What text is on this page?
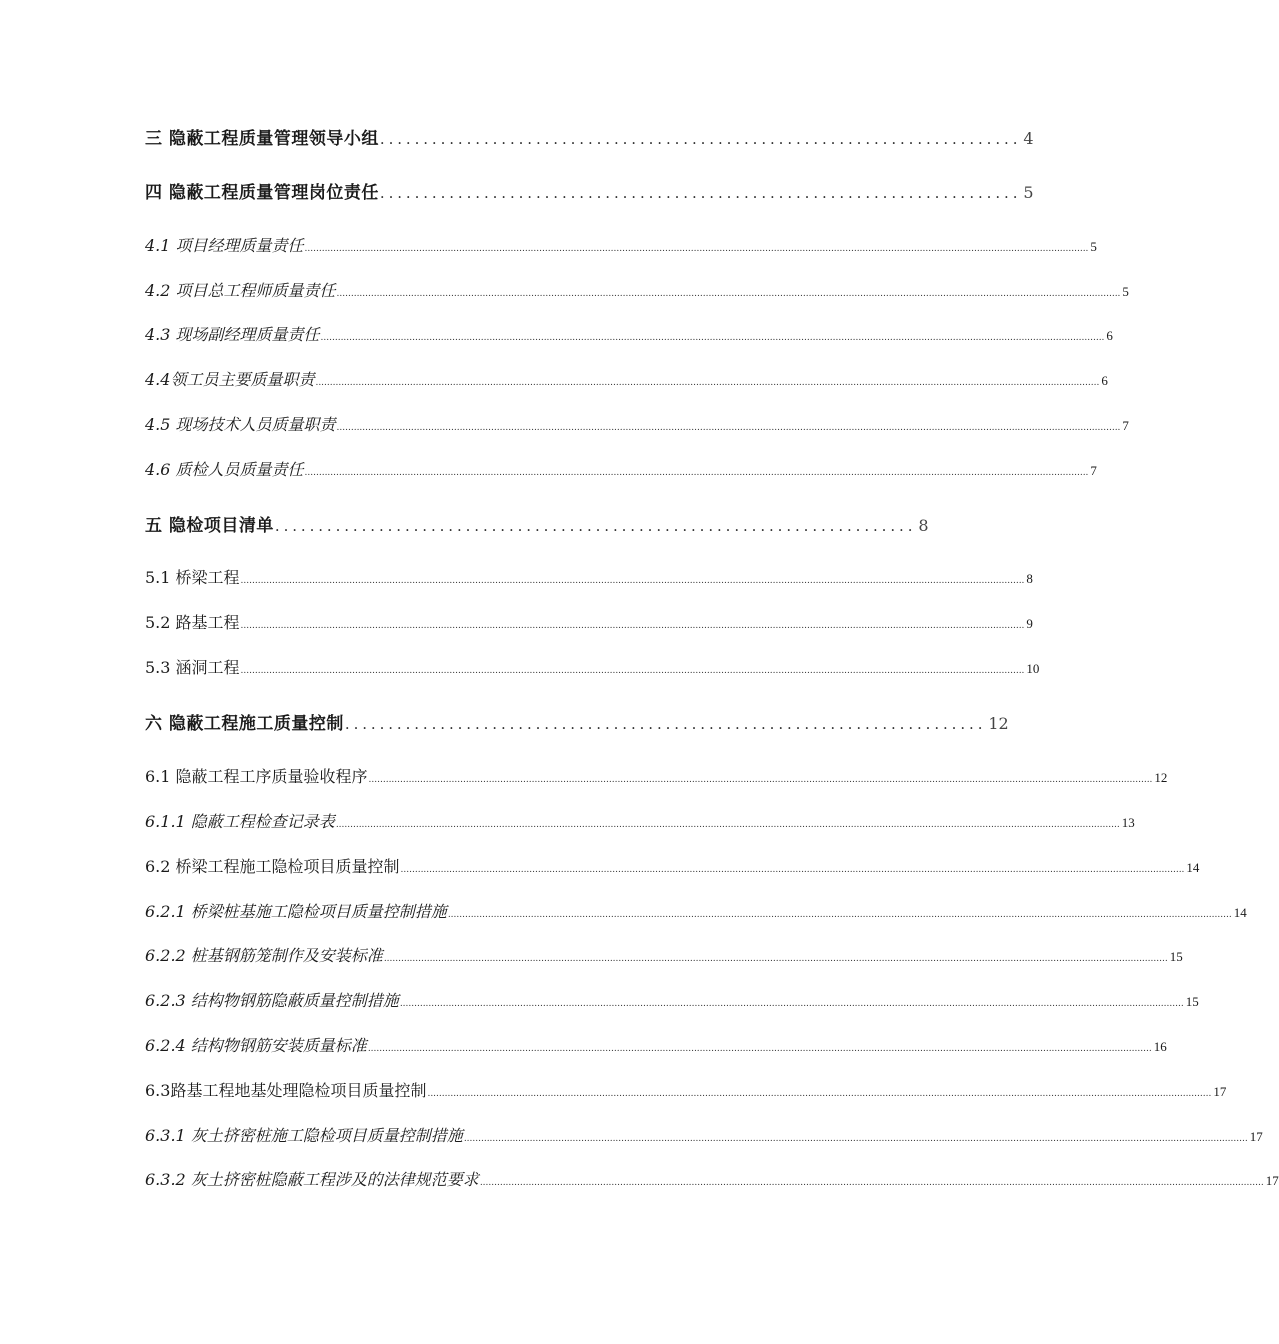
三 隐蔽工程质量管理领导小组 .......................................................................... 4
四 隐蔽工程质量管理岗位责任 .......................................................................... 5
4.1 项目经理质量责任 .................................................................................................................................................................................................................................................................................. 5
4.2 项目总工程师质量责任 .................................................................................................................................................................................................................................................................................. 5
4.3 现场副经理质量责任 .................................................................................................................................................................................................................................................................................. 6
4.4领工员主要质量职责 .................................................................................................................................................................................................................................................................................. 6
4.5 现场技术人员质量职责 .................................................................................................................................................................................................................................................................................. 7
4.6 质检人员质量责任 .................................................................................................................................................................................................................................................................................. 7
五 隐检项目清单 .......................................................................... 8
5.1 桥梁工程 .................................................................................................................................................................................................................................................................................. 8
5.2 路基工程 .................................................................................................................................................................................................................................................................................. 9
5.3 涵洞工程 .................................................................................................................................................................................................................................................................................. 10
六 隐蔽工程施工质量控制 .......................................................................... 12
6.1 隐蔽工程工序质量验收程序 .................................................................................................................................................................................................................................................................................. 12
6.1.1 隐蔽工程检查记录表 .................................................................................................................................................................................................................................................................................. 13
6.2 桥梁工程施工隐检项目质量控制 .................................................................................................................................................................................................................................................................................. 14
6.2.1 桥梁桩基施工隐检项目质量控制措施 .................................................................................................................................................................................................................................................................................. 14
6.2.2 桩基钢筋笼制作及安装标准 .................................................................................................................................................................................................................................................................................. 15
6.2.3 结构物钢筋隐蔽质量控制措施 .................................................................................................................................................................................................................................................................................. 15
6.2.4 结构物钢筋安装质量标准 .................................................................................................................................................................................................................................................................................. 16
6.3路基工程地基处理隐检项目质量控制 .................................................................................................................................................................................................................................................................................. 17
6.3.1 灰土挤密桩施工隐检项目质量控制措施 .................................................................................................................................................................................................................................................................................. 17
6.3.2 灰土挤密桩隐蔽工程涉及的法律规范要求 .................................................................................................................................................................................................................................................................................. 17
